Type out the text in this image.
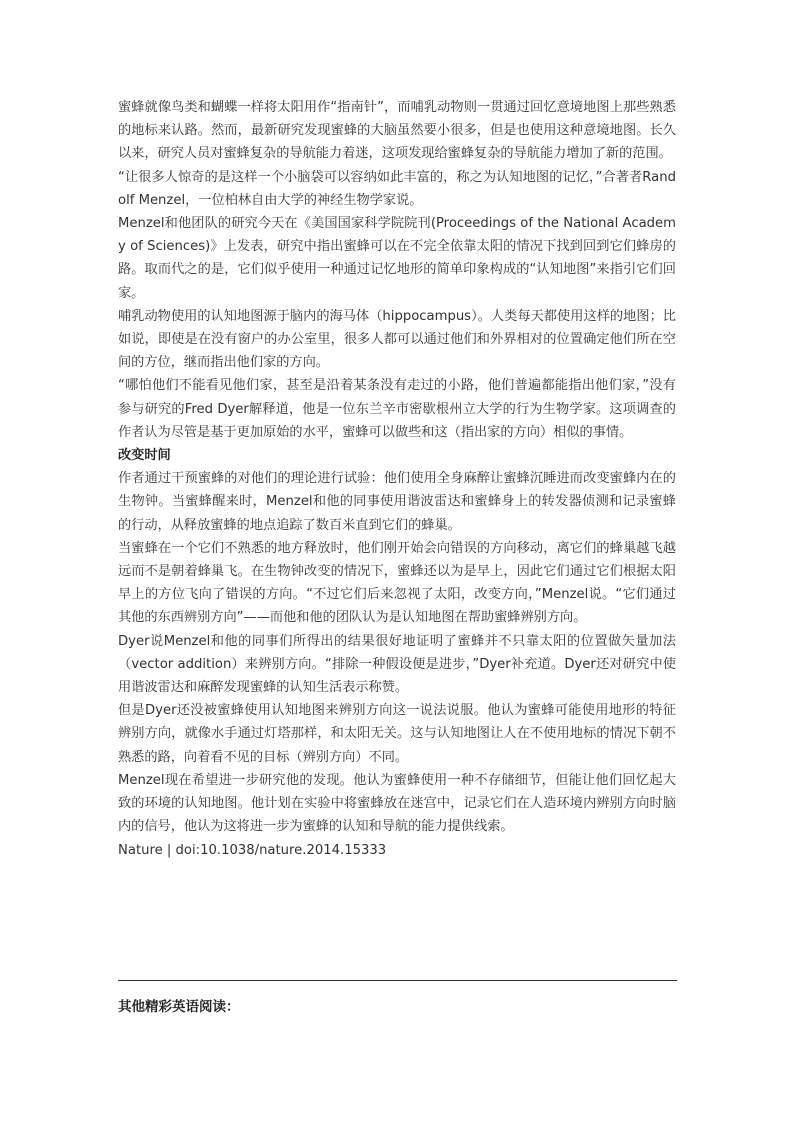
蜜蜂就像鸟类和蝴蝶一样将太阳用作“指南针”，而哺乳动物则一贯通过回忆意境地图上那些熟悉的地标来认路。然而，最新研究发现蜜蜂的大脑虽然要小很多，但是也使用这种意境地图。长久以来，研究人员对蜜蜂复杂的导航能力着迷，这项发现给蜜蜂复杂的导航能力增加了新的范围。

“让很多人惊奇的是这样一个小脑袋可以容纳如此丰富的，称之为认知地图的记忆，”合著者Randolf Menzel，一位柏林自由大学的神经生物学家说。

Menzel和他团队的研究今天在《美国国家科学院院刊(Proceedings of the National Academy of Sciences)》上发表，研究中指出蜜蜂可以在不完全依靠太阳的情况下找到回到它们蜂房的路。取而代之的是，它们似乎使用一种通过记忆地形的简单印象构成的“认知地图”来指引它们回家。

哺乳动物使用的认知地图源于脑内的海马体（hippocampus）。人类每天都使用这样的地图；比如说，即使是在没有窗户的办公室里，很多人都可以通过他们和外界相对的位置确定他们所在空间的方位，继而指出他们家的方向。

“哪怕他们不能看见他们家，甚至是沿着某条没有走过的小路，他们普遍都能指出他们家，”没有参与研究的Fred Dyer解释道，他是一位东兰辛市密歇根州立大学的行为生物学家。这项调查的作者认为尽管是基于更加原始的水平，蜜蜂可以做些和这（指出家的方向）相似的事情。

改变时间

作者通过干预蜜蜂的对他们的理论进行试验：他们使用全身麻醉让蜜蜂沉睡进而改变蜜蜂内在的生物钟。当蜜蜂醒来时，Menzel和他的同事使用谐波雷达和蜜蜂身上的转发器侦测和记录蜜蜂的行动，从释放蜜蜂的地点追踪了数百米直到它们的蜂巢。

当蜜蜂在一个它们不熟悉的地方释放时，他们刚开始会向错误的方向移动，离它们的蜂巢越飞越远而不是朝着蜂巢飞。在生物钟改变的情况下，蜜蜂还以为是早上，因此它们通过它们根据太阳早上的方位飞向了错误的方向。“不过它们后来忽视了太阳，改变方向，”Menzel说。“它们通过其他的东西辨别方向”——而他和他的团队认为是认知地图在帮助蜜蜂辨别方向。

Dyer说Menzel和他的同事们所得出的结果很好地证明了蜜蜂并不只靠太阳的位置做矢量加法（vector addition）来辨别方向。“排除一种假设便是进步，”Dyer补充道。Dyer还对研究中使用谐波雷达和麻醉发现蜜蜂的认知生活表示称赞。

但是Dyer还没被蜜蜂使用认知地图来辨别方向这一说法说服。他认为蜜蜂可能使用地形的特征辨别方向，就像水手通过灯塔那样，和太阳无关。这与认知地图让人在不使用地标的情况下朝不熟悉的路，向着看不见的目标（辨别方向）不同。

Menzel现在希望进一步研究他的发现。他认为蜜蜂使用一种不存储细节，但能让他们回忆起大致的环境的认知地图。他计划在实验中将蜜蜂放在迷宫中，记录它们在人造环境内辨别方向时脑内的信号，他认为这将进一步为蜜蜂的认知和导航的能力提供线索。

Nature | doi:10.1038/nature.2014.15333

其他精彩英语阅读：
